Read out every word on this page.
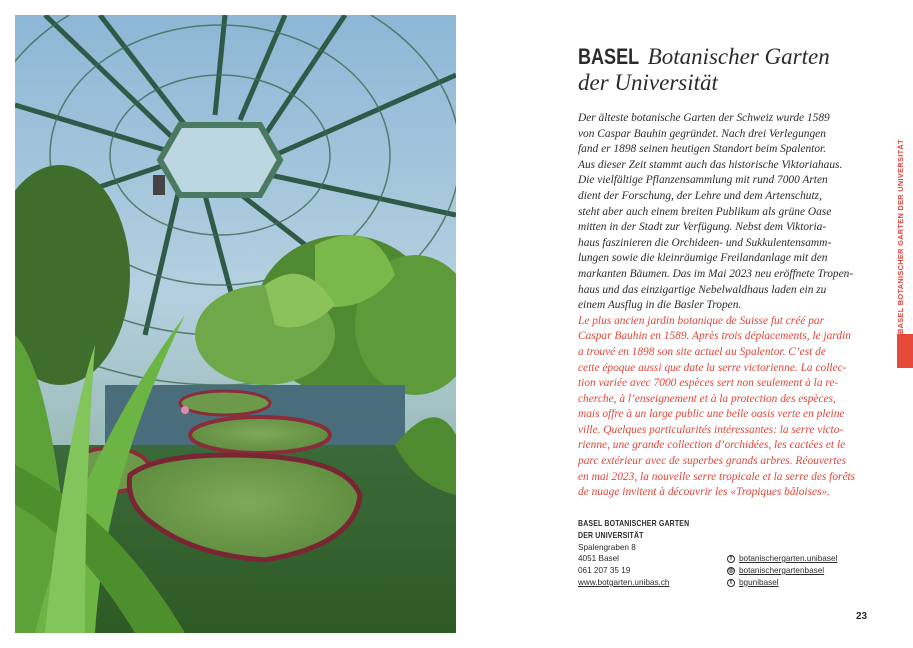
BASEL Botanischer Garten
der Universität
Der älteste botanische Garten der Schweiz wurde 1589
von Caspar Bauhin gegründet. Nach drei Verlegungen
fand er 1898 seinen heutigen Standort beim Spalentor.
Aus dieser Zeit stammt auch das historische Viktoriahaus.
Die vielfältige Pflanzensammlung mit rund 7000 Arten
dient der Forschung, der Lehre und dem Artenschutz,
steht aber auch einem breiten Publikum als grüne Oase
mitten in der Stadt zur Verfügung. Nebst dem Viktoria-
haus faszinieren die Orchideen- und Sukkulentensamm-
lungen sowie die kleinräumige Freilandanlage mit den
markanten Bäumen. Das im Mai 2023 neu eröffnete Tropen-
haus und das einzigartige Nebelwaldhaus laden ein zu
einem Ausflug in die Basler Tropen.
Le plus ancien jardin botanique de Suisse fut créé par
Caspar Bauhin en 1589. Après trois déplacements, le jardin
a trouvé en 1898 son site actuel au Spalentor. C’est de
cette époque aussi que date la serre victorienne. La collec-
tion variée avec 7000 espèces sert non seulement à la re-
cherche, à l’enseignement et à la protection des espèces,
mais offre à un large public une belle oasis verte en pleine
ville. Quelques particularités intéressantes: la serre victo-
rienne, une grande collection d’orchidées, les cactées et le
parc extérieur avec de superbes grands arbres. Réouvertes
en mai 2023, la nouvelle serre tropicale et la serre des forêts
de nuage invitent à découvrir les «Tropiques bâloises».
BASEL BOTANISCHER GARTEN
DER UNIVERSITÄT
Spalengraben 8
4051 Basel
061 207 35 19
www.botgarten.unibas.ch
f botanischergarten.unibasel
◎ botanischergartenbasel
t bgunibasel
BASEL BOTANISCHER GARTEN DER UNIVERSITÄT
23
